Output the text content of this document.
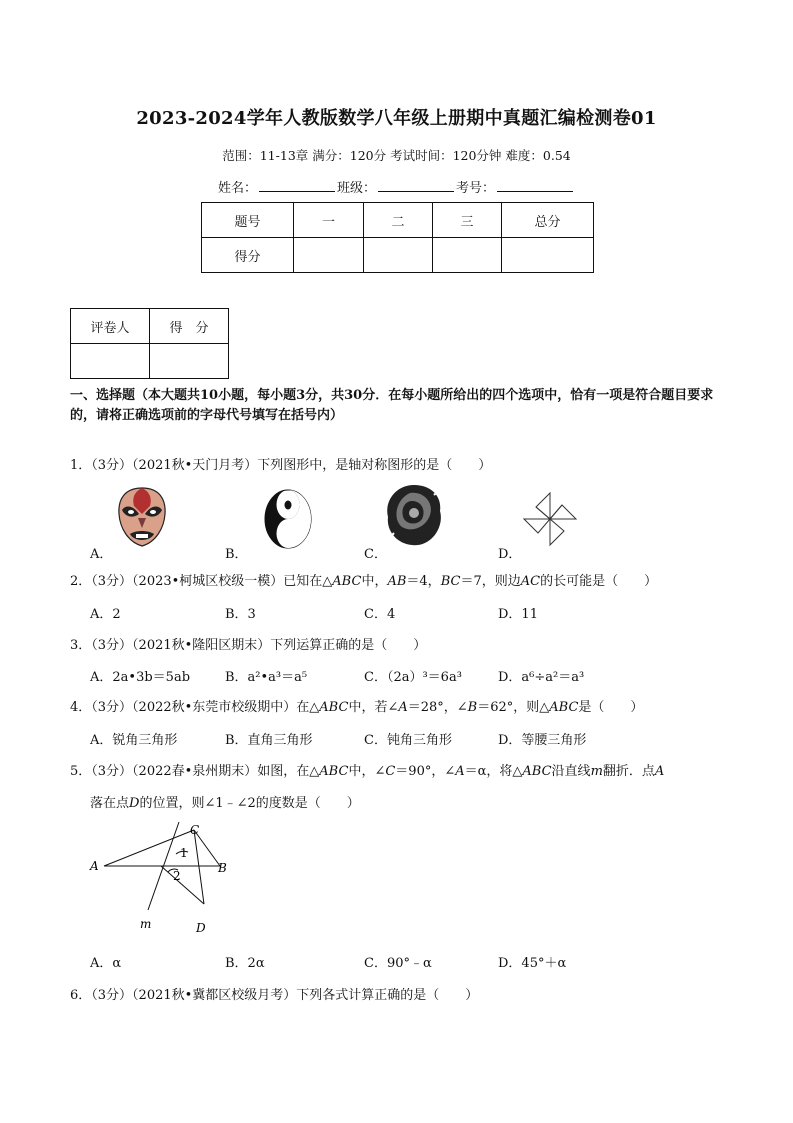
2023-2024学年人教版数学八年级上册期中真题汇编检测卷01
范围：11-13章 满分：120分 考试时间：120分钟 难度：0.54
姓名：	班级：	考号：
题号	一	二	三	总分
得分				
评卷人	得　分

一、选择题（本大题共10小题，每小题3分，共30分．在每小题所给出的四个选项中，恰有一项是符合题目要求的，请将正确选项前的字母代号填写在括号内）
1．（3分）（2021秋•天门月考）下列图形中，是轴对称图形的是（　　）
A．	B．	C．	D．
2．（3分）（2023•柯城区校级一模）已知在△ABC中，AB＝4，BC＝7，则边AC的长可能是（　　）
A．2	B．3	C．4	D．11
3．（3分）（2021秋•隆阳区期末）下列运算正确的是（　　）
A．2a•3b＝5ab	B．a²•a³＝a⁵	C．（2a）³＝6a³	D．a⁶÷a²＝a³
4．（3分）（2022秋•东莞市校级期中）在△ABC中，若∠A＝28°，∠B＝62°，则△ABC是（　　）
A．锐角三角形	B．直角三角形	C．钝角三角形	D．等腰三角形
5．（3分）（2022春•泉州期末）如图，在△ABC中，∠C＝90°，∠A＝α，将△ABC沿直线m翻折．点A
落在点D的位置，则∠1﹣∠2的度数是（　　）
C
1
A
2
B
m	D
A．α	B．2α	C．90°﹣α	D．45°＋α
6．（3分）（2021秋•冀都区校级月考）下列各式计算正确的是（　　）
